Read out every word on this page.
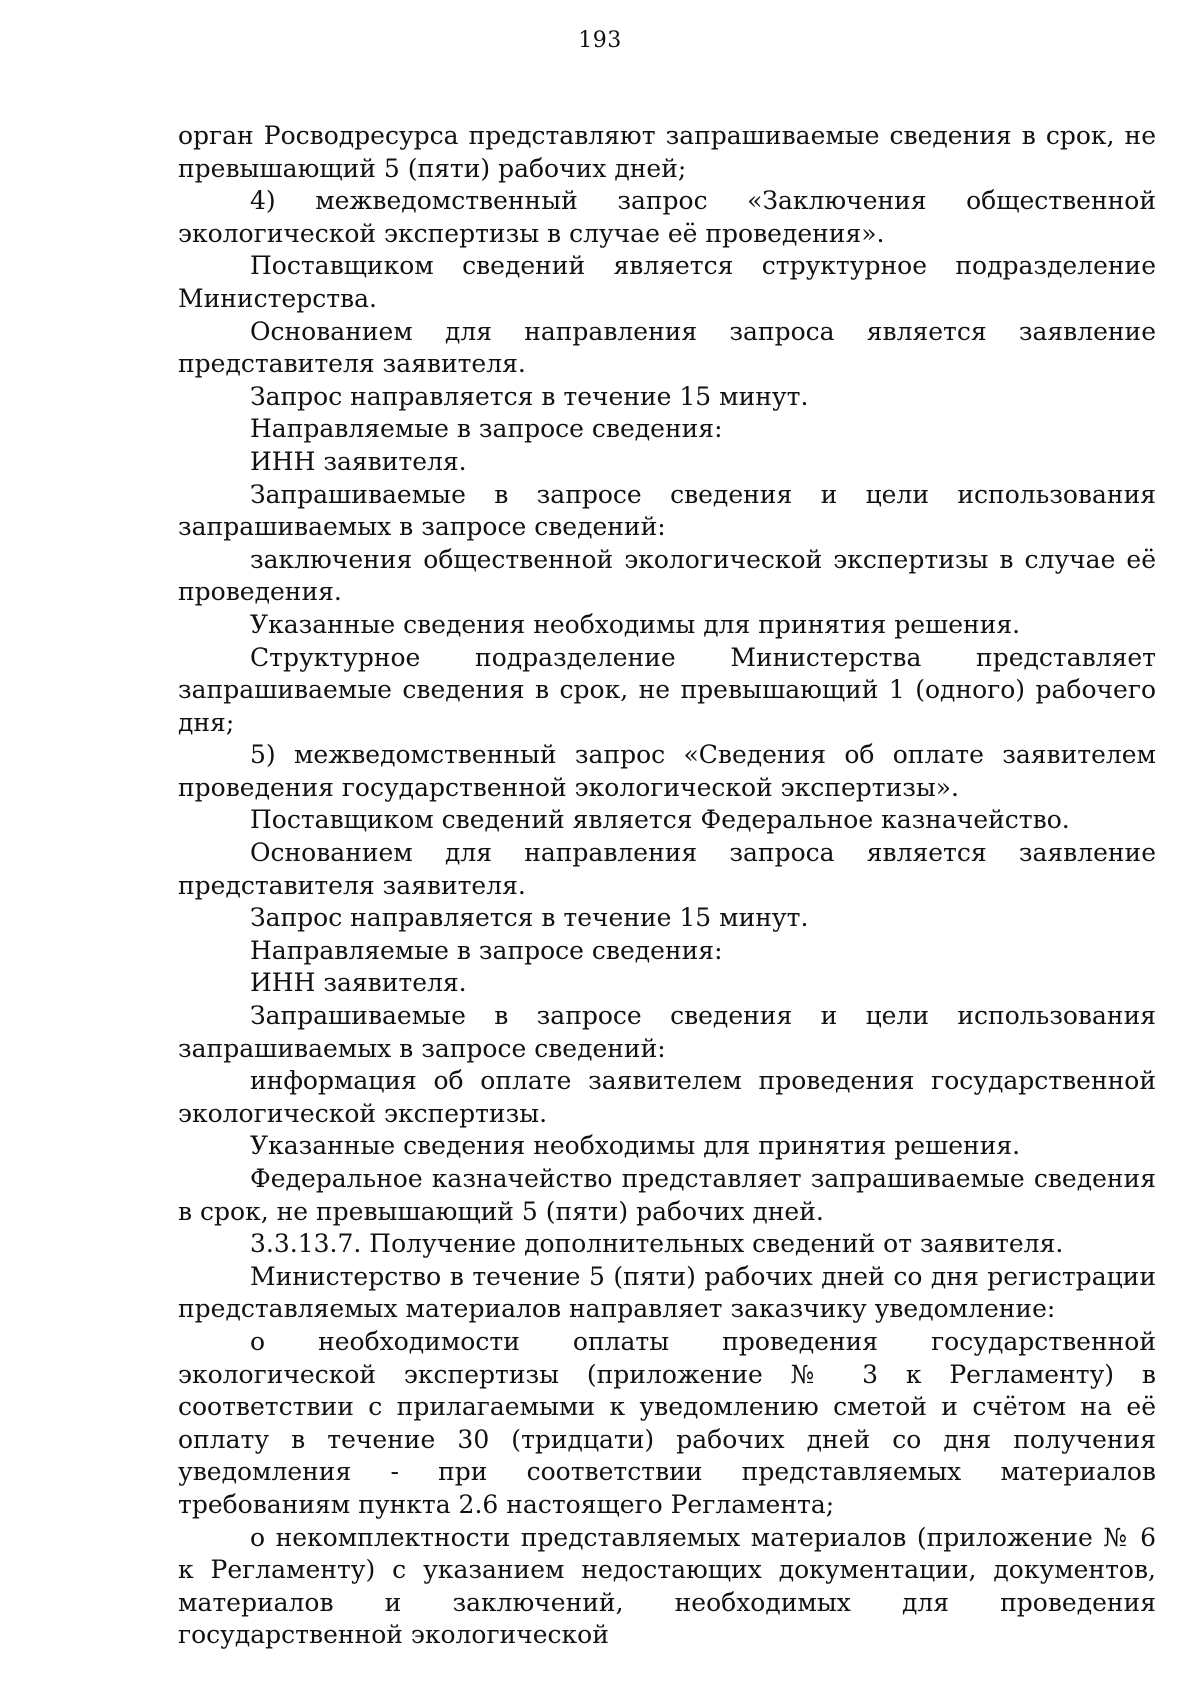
193

орган Росводресурса представляют запрашиваемые сведения в срок, не превышающий 5 (пяти) рабочих дней;

4) межведомственный запрос «Заключения общественной экологической экспертизы в случае её проведения».

Поставщиком сведений является структурное подразделение Министерства.

Основанием для направления запроса является заявление представителя заявителя.

Запрос направляется в течение 15 минут.

Направляемые в запросе сведения:

ИНН заявителя.

Запрашиваемые в запросе сведения и цели использования запрашиваемых в запросе сведений:

заключения общественной экологической экспертизы в случае её проведения.

Указанные сведения необходимы для принятия решения.

Структурное подразделение Министерства представляет запрашиваемые сведения в срок, не превышающий 1 (одного) рабочего дня;

5) межведомственный запрос «Сведения об оплате заявителем проведения государственной экологической экспертизы».

Поставщиком сведений является Федеральное казначейство.

Основанием для направления запроса является заявление представителя заявителя.

Запрос направляется в течение 15 минут.

Направляемые в запросе сведения:

ИНН заявителя.

Запрашиваемые в запросе сведения и цели использования запрашиваемых в запросе сведений:

информация об оплате заявителем проведения государственной экологической экспертизы.

Указанные сведения необходимы для принятия решения.

Федеральное казначейство представляет запрашиваемые сведения в срок, не превышающий 5 (пяти) рабочих дней.

3.3.13.7. Получение дополнительных сведений от заявителя.

Министерство в течение 5 (пяти) рабочих дней со дня регистрации представляемых материалов направляет заказчику уведомление:

о необходимости оплаты проведения государственной экологической экспертизы (приложение № 3 к Регламенту) в соответствии с прилагаемыми к уведомлению сметой и счётом на её оплату в течение 30 (тридцати) рабочих дней со дня получения уведомления - при соответствии представляемых материалов требованиям пункта 2.6 настоящего Регламента;

о некомплектности представляемых материалов (приложение № 6 к Регламенту) с указанием недостающих документации, документов, материалов и заключений, необходимых для проведения государственной экологической
